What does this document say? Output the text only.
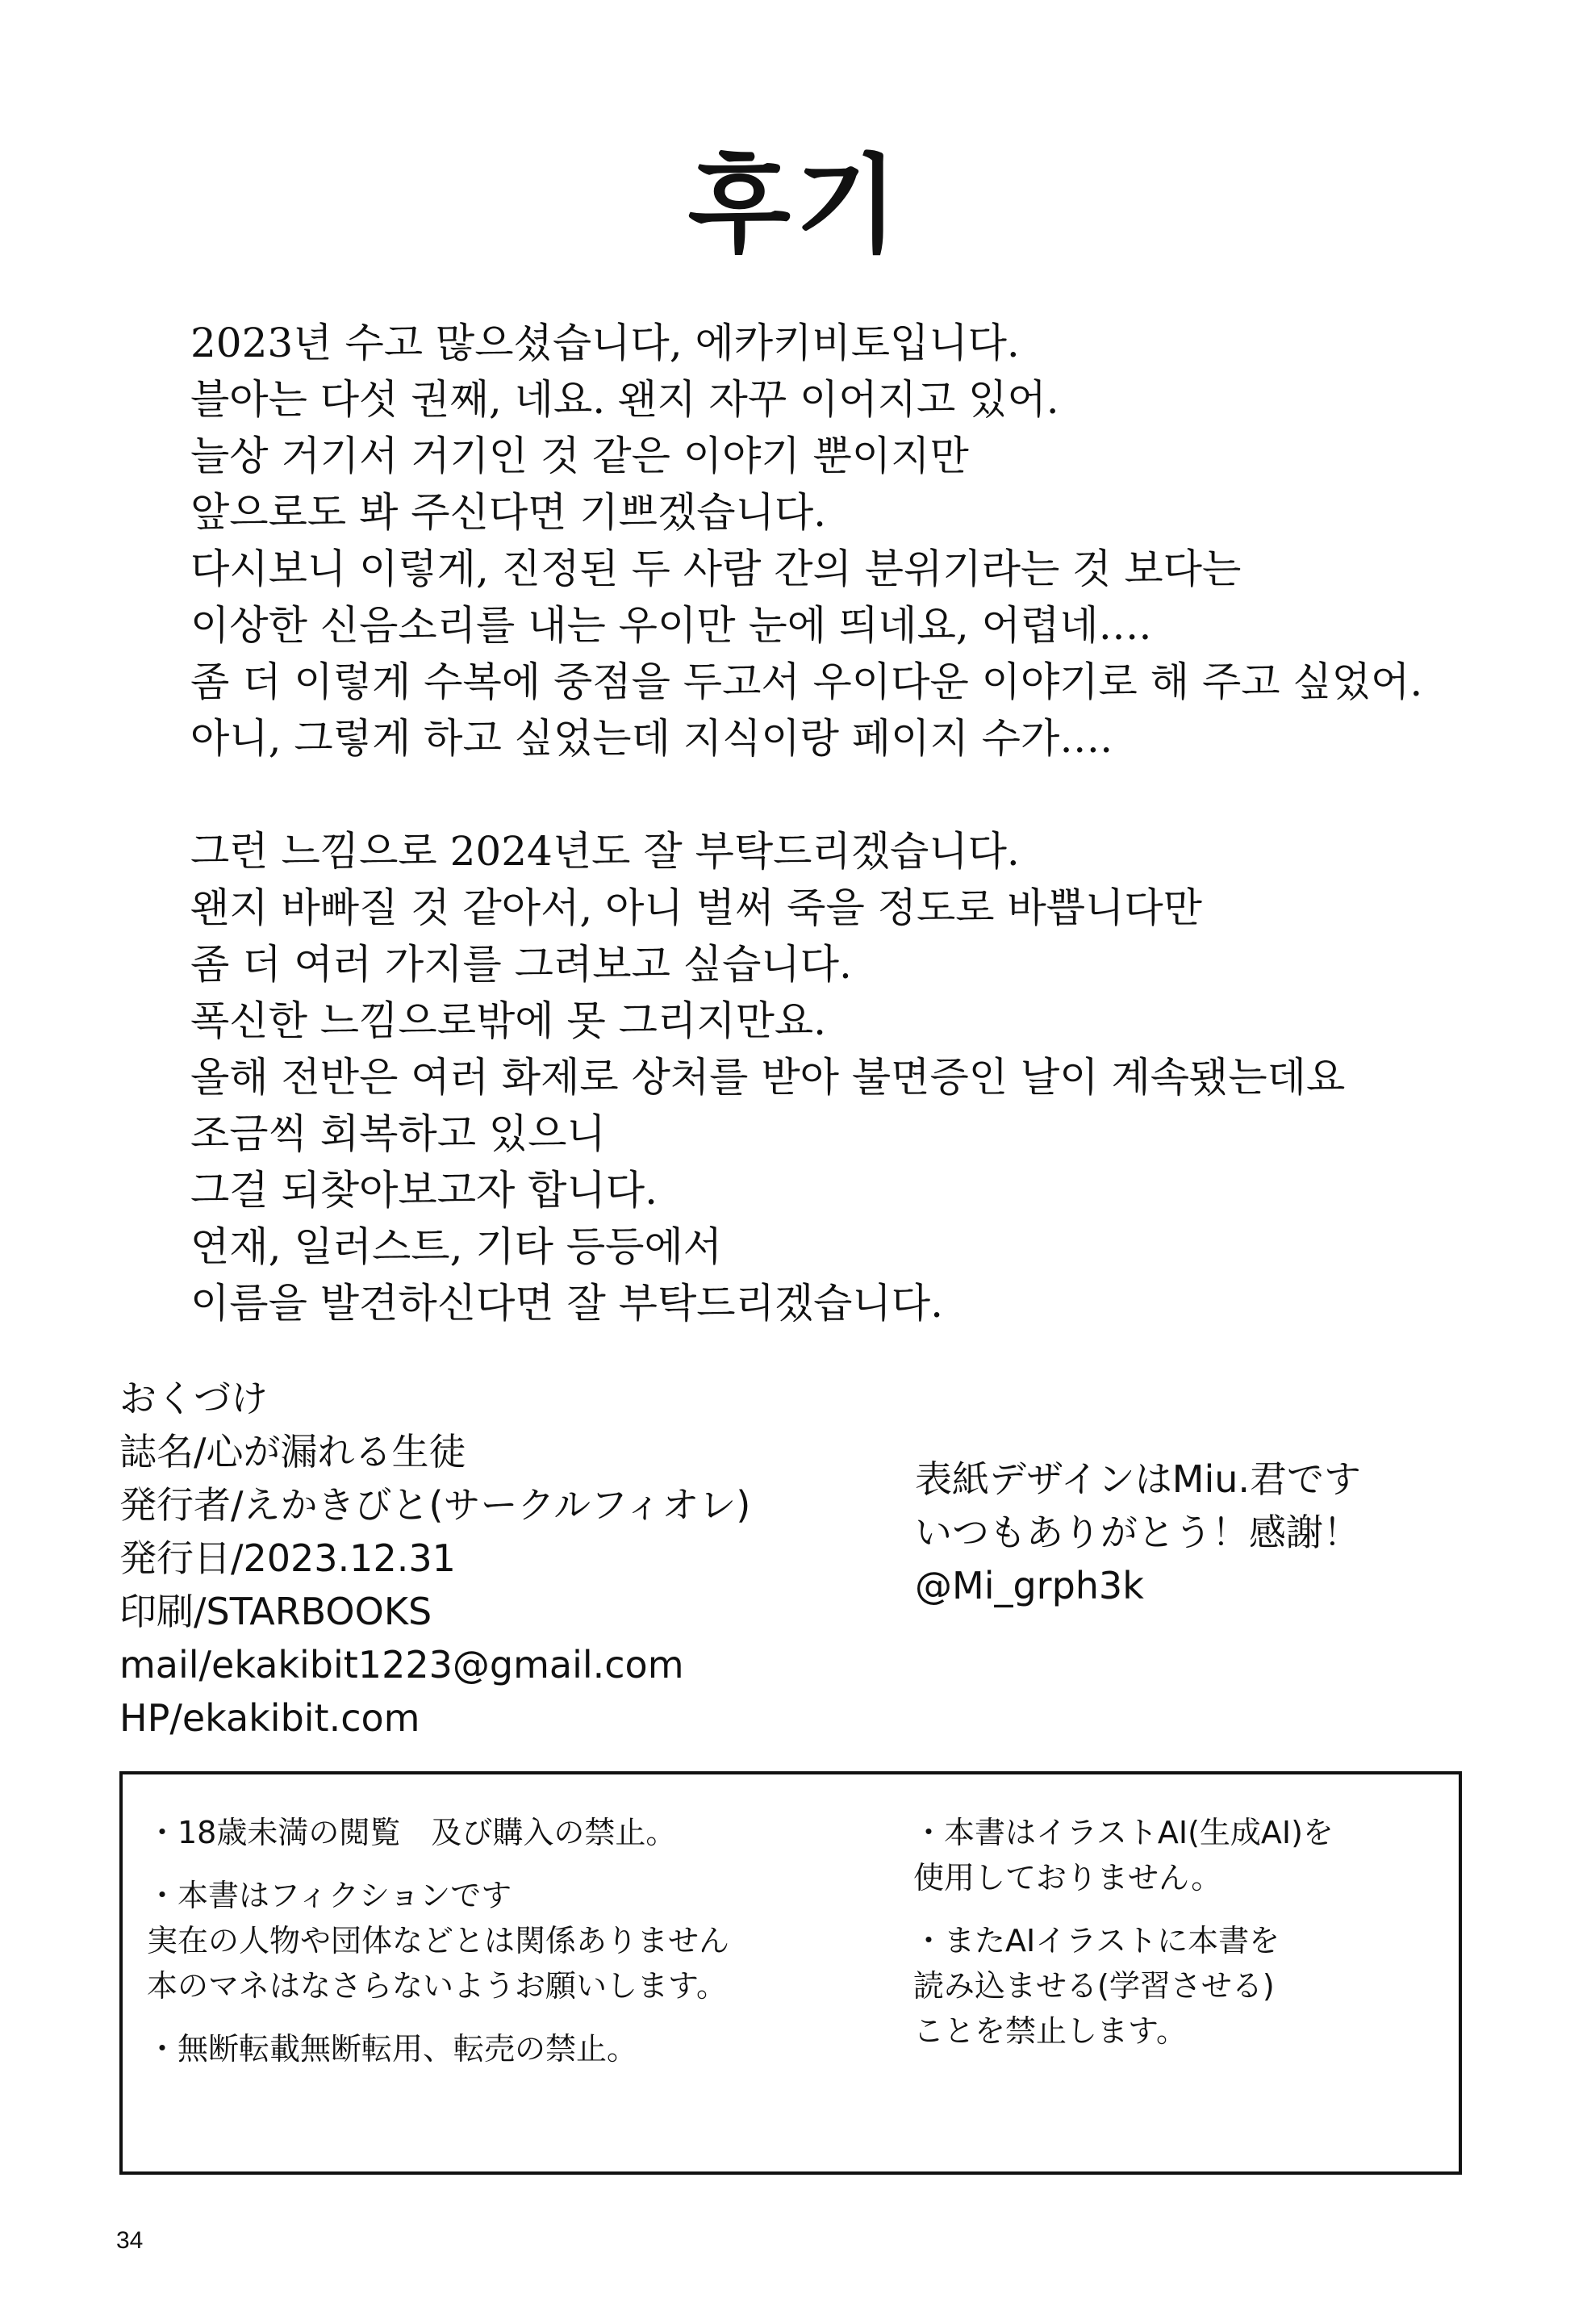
후기
2023년 수고 많으셨습니다, 에카키비토입니다.
블아는 다섯 권째, 네요. 왠지 자꾸 이어지고 있어.
늘상 거기서 거기인 것 같은 이야기 뿐이지만
앞으로도 봐 주신다면 기쁘겠습니다.
다시보니 이렇게, 진정된 두 사람 간의 분위기라는 것 보다는
이상한 신음소리를 내는 우이만 눈에 띄네요, 어렵네….
좀 더 이렇게 수복에 중점을 두고서 우이다운 이야기로 해 주고 싶었어.
아니, 그렇게 하고 싶었는데 지식이랑 페이지 수가….
그런 느낌으로 2024년도 잘 부탁드리겠습니다.
왠지 바빠질 것 같아서, 아니 벌써 죽을 정도로 바쁩니다만
좀 더 여러 가지를 그려보고 싶습니다.
폭신한 느낌으로밖에 못 그리지만요.
올해 전반은 여러 화제로 상처를 받아 불면증인 날이 계속됐는데요
조금씩 회복하고 있으니
그걸 되찾아보고자 합니다.
연재, 일러스트, 기타 등등에서
이름을 발견하신다면 잘 부탁드리겠습니다.
おくづけ
誌名/心が漏れる生徒
発行者/えかきびと(サークルフィオレ)
発行日/2023.12.31
印刷/STARBOOKS
mail/ekakibit1223@gmail.com
HP/ekakibit.com
表紙デザインはMiu.君です
いつもありがとう！感謝！
@Mi_grph3k
・18歳未満の閲覧　及び購入の禁止。
・本書はフィクションです
実在の人物や団体などとは関係ありません
本のマネはなさらないようお願いします。
・無断転載無断転用、転売の禁止。
・本書はイラストAI(生成AI)を
使用しておりません。
・またAIイラストに本書を
読み込ませる(学習させる)
ことを禁止します。
34
